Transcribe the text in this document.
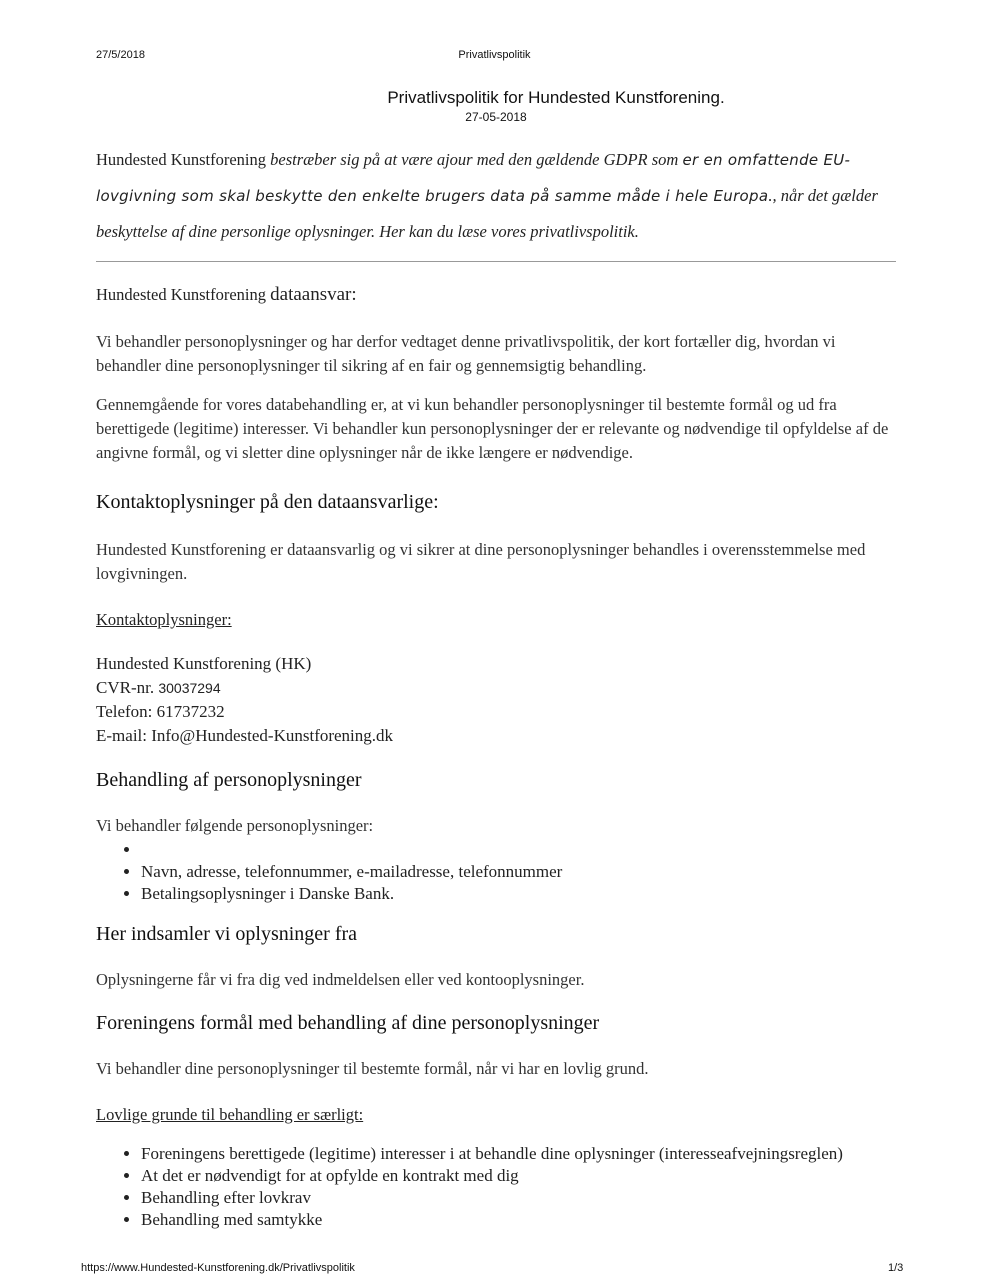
27/5/2018	Privatlivspolitik
Privatlivspolitik for Hundested Kunstforening.
27-05-2018
Hundested Kunstforening bestræber sig på at være ajour med den gældende GDPR som er en omfattende EU-lovgivning som skal beskytte den enkelte brugers data på samme måde i hele Europa., når det gælder beskyttelse af dine personlige oplysninger. Her kan du læse vores privatlivspolitik.
Hundested Kunstforening dataansvar:

Vi behandler personoplysninger og har derfor vedtaget denne privatlivspolitik, der kort fortæller dig, hvordan vi behandler dine personoplysninger til sikring af en fair og gennemsigtig behandling.

Gennemgående for vores databehandling er, at vi kun behandler personoplysninger til bestemte formål og ud fra berettigede (legitime) interesser. Vi behandler kun personoplysninger der er relevante og nødvendige til opfyldelse af de angivne formål, og vi sletter dine oplysninger når de ikke længere er nødvendige.

Kontaktoplysninger på den dataansvarlige:

Hundested Kunstforening er dataansvarlig og vi sikrer at dine personoplysninger behandles i overensstemmelse med lovgivningen.

Kontaktoplysninger:
Hundested Kunstforening (HK)
CVR-nr. 30037294
Telefon: 61737232
E-mail: Info@Hundested-Kunstforening.dk
Behandling af personoplysninger

Vi behandler følgende personoplysninger:

•
• Navn, adresse, telefonnummer, e-mailadresse, telefonnummer
• Betalingsoplysninger i Danske Bank.
Her indsamler vi oplysninger fra

Oplysningerne får vi fra dig ved indmeldelsen eller ved kontooplysninger.

Foreningens formål med behandling af dine personoplysninger

Vi behandler dine personoplysninger til bestemte formål, når vi har en lovlig grund.

Lovlige grunde til behandling er særligt:
• Foreningens berettigede (legitime) interesser i at behandle dine oplysninger (interesseafvejningsreglen)
• At det er nødvendigt for at opfylde en kontrakt med dig
• Behandling efter lovkrav
• Behandling med samtykke
https://www.Hundested-Kunstforening.dk/Privatlivspolitik	1/3
